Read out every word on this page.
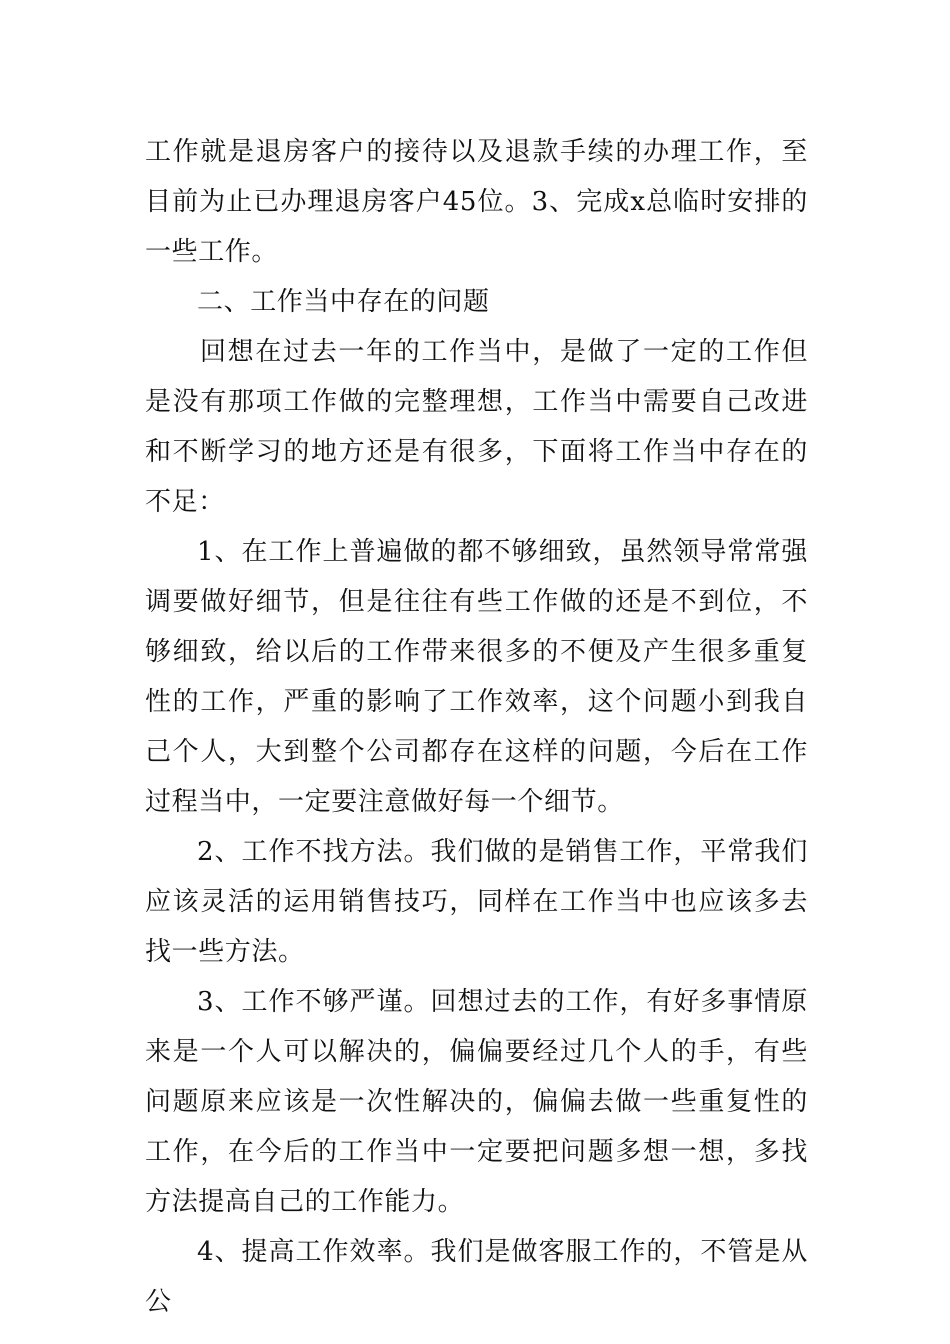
工作就是退房客户的接待以及退款手续的办理工作，至目前为止已办理退房客户45位。3、完成x总临时安排的一些工作。

二、工作当中存在的问题

回想在过去一年的工作当中，是做了一定的工作但是没有那项工作做的完整理想，工作当中需要自己改进和不断学习的地方还是有很多，下面将工作当中存在的不足：

1、在工作上普遍做的都不够细致，虽然领导常常强调要做好细节，但是往往有些工作做的还是不到位，不够细致，给以后的工作带来很多的不便及产生很多重复性的工作，严重的影响了工作效率，这个问题小到我自己个人，大到整个公司都存在这样的问题，今后在工作过程当中，一定要注意做好每一个细节。

2、工作不找方法。我们做的是销售工作，平常我们应该灵活的运用销售技巧，同样在工作当中也应该多去找一些方法。

3、工作不够严谨。回想过去的工作，有好多事情原来是一个人可以解决的，偏偏要经过几个人的手，有些问题原来应该是一次性解决的，偏偏去做一些重复性的工作，在今后的工作当中一定要把问题多想一想，多找方法提高自己的工作能力。

4、提高工作效率。我们是做客服工作的，不管是从公
